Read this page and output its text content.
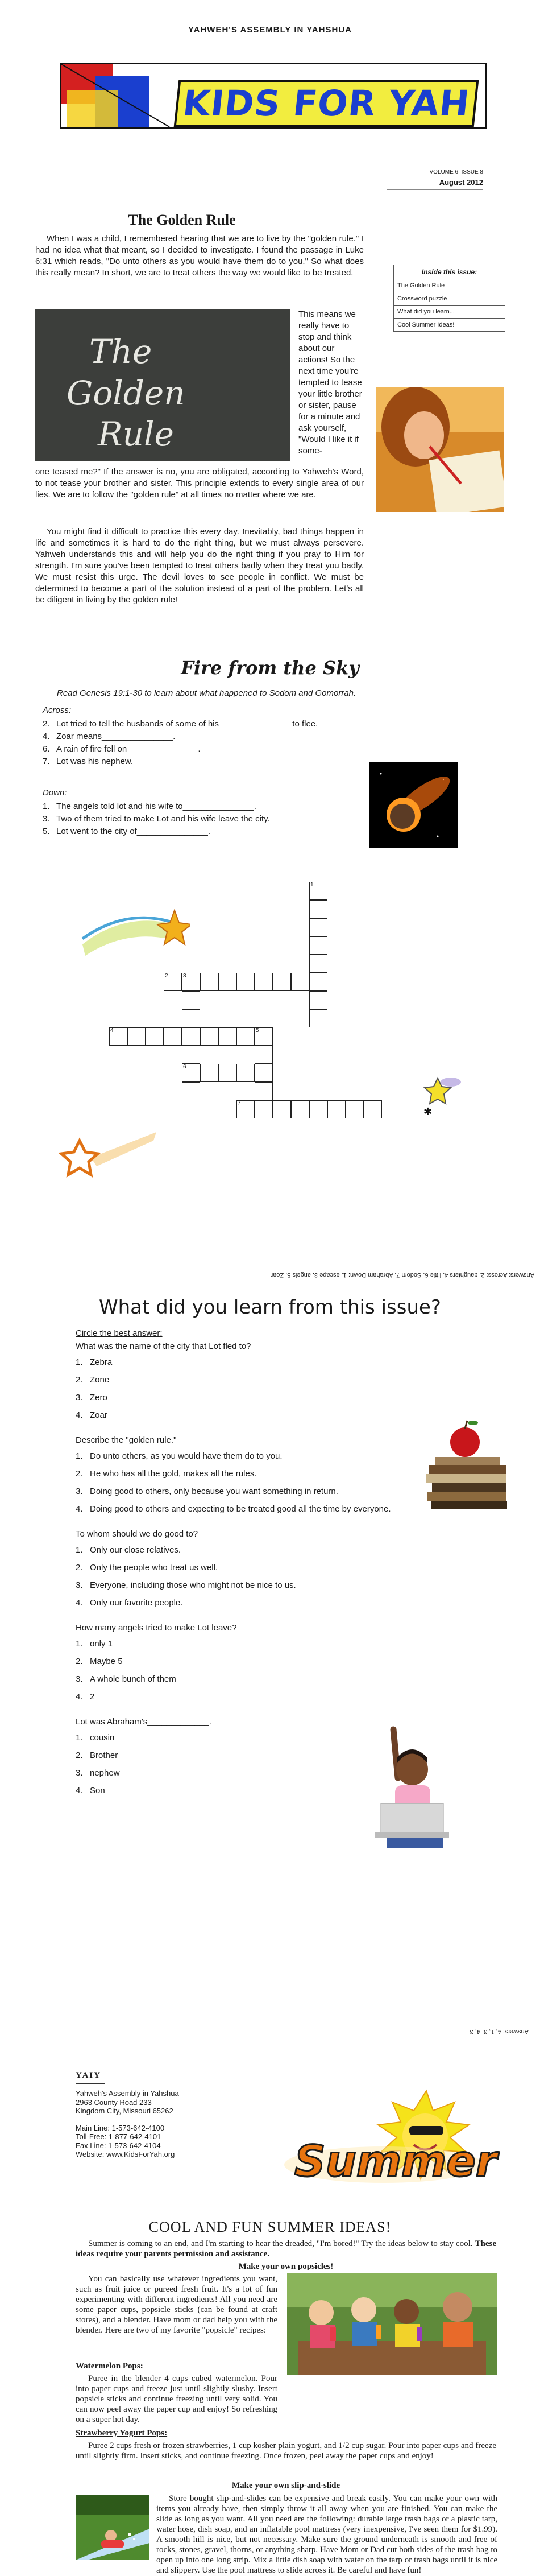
YAHWEH'S ASSEMBLY IN YAHSHUA
KIDS FOR YAH
VOLUME 6, ISSUE 8
August 2012
The Golden Rule

When I was a child, I remembered hearing that we are to live by the "golden rule." I had no idea what that meant, so I decided to investigate. I found the passage in Luke 6:31 which reads, "Do unto others as you would have them do to you." So what does this really mean? In short, we are to treat others the way we would like to be treated.

The
Golden
Rule

This means we really have to stop and think about our actions! So the next time you're tempted to tease your little brother or sister, pause for a minute and ask yourself, "Would I like it if some-

one teased me?" If the answer is no, you are obligated, according to Yahweh's Word, to not tease your brother and sister. This principle extends to every single area of our lies. We are to follow the "golden rule" at all times no matter where we are.

You might find it difficult to practice this every day. Inevitably, bad things happen in life and sometimes it is hard to do the right thing, but we must always persevere. Yahweh understands this and will help you do the right thing if you pray to Him for strength. I'm sure you've been tempted to treat others badly when they treat you badly. We must resist this urge. The devil loves to see people in conflict. We must be determined to become a part of the solution instead of a part of the problem. Let's all be diligent in living by the golden rule!

Inside this issue:
The Golden Rule
Crossword puzzle
What did you learn...
Cool Summer Ideas!
Fire from the Sky

Read Genesis 19:1-30 to learn about what happened to Sodom and Gomorrah.

Across:
2. Lot tried to tell the husbands of some of his _______________to flee.
4. Zoar means_______________.
6. A rain of fire fell on_______________.
7. Lot was his nephew.
Down:
1. The angels told lot and his wife to_______________.
3. Two of them tried to make Lot and his wife leave the city.
5. Lot went to the city of_______________.
✱
1
2	3
4	5
6
7
Answers: Across: 2. daughters 4. little 6. Sodom 7. Abraham Down: 1. escape 3. angels 5. Zoar
What did you learn from this issue?
Circle the best answer:
What was the name of the city that Lot fled to?
1. Zebra
2. Zone
3. Zero
4. Zoar
Describe the "golden rule."
1. Do unto others, as you would have them do to you.
2. He who has all the gold, makes all the rules.
3. Doing good to others, only because you want something in return.
4. Doing good to others and expecting to be treated good all the time by everyone.
To whom should we do good to?
1. Only our close relatives.
2. Only the people who treat us well.
3. Everyone, including those who might not be nice to us.
4. Only our favorite people.
How many angels tried to make Lot leave?
1. only 1
2. Maybe 5
3. A whole bunch of them
4. 2
Lot was Abraham's_____________.
1. cousin
2. Brother
3. nephew
4. Son
Answers: 4, 1, 3, 4, 3
YAIY
Yahweh's Assembly in Yahshua
2963 County Road 233
Kingdom City, Missouri 65262
Main Line: 1-573-642-4100
Toll-Free: 1-877-642-4101
Fax Line: 1-573-642-4104
Website: www.KidsForYah.org	Summer
COOL AND FUN SUMMER IDEAS!

Summer is coming to an end, and I'm starting to hear the dreaded, "I'm bored!" Try the ideas below to stay cool. These ideas require your parents permission and assistance.

Make your own popsicles!

You can basically use whatever ingredients you want, such as fruit juice or pureed fresh fruit. It's a lot of fun experimenting with different ingredients! All you need are some paper cups, popsicle sticks (can be found at craft stores), and a blender. Have mom or dad help you with the blender. Here are two of my favorite "popsicle" recipes:

Watermelon Pops:

Puree in the blender 4 cups cubed watermelon. Pour into paper cups and freeze just until slightly slushy. Insert popsicle sticks and continue freezing until very solid. You can now peel away the paper cup and enjoy! So refreshing on a super hot day.

Strawberry Yogurt Pops:

Puree 2 cups fresh or frozen strawberries, 1 cup kosher plain yogurt, and 1/2 cup sugar. Pour into paper cups and freeze until slightly firm. Insert sticks, and continue freezing. Once frozen, peel away the paper cups and enjoy!

Make your own slip-and-slide

Store bought slip-and-slides can be expensive and break easily. You can make your own with items you already have, then simply throw it all away when you are finished. You can make the slide as long as you want. All you need are the following: durable large trash bags or a plastic tarp, water hose, dish soap, and an inflatable pool mattress (very inexpensive, I've seen them for $1.99). A smooth hill is nice, but not necessary. Make sure the ground underneath is smooth and free of rocks, stones, gravel, thorns, or anything sharp. Have Mom or Dad cut both sides of the trash bag to open up into one long strip. Mix a little dish soap with water on the tarp or trash bags until it is nice and slippery. Use the pool mattress to slide across it. Be careful and have fun!
